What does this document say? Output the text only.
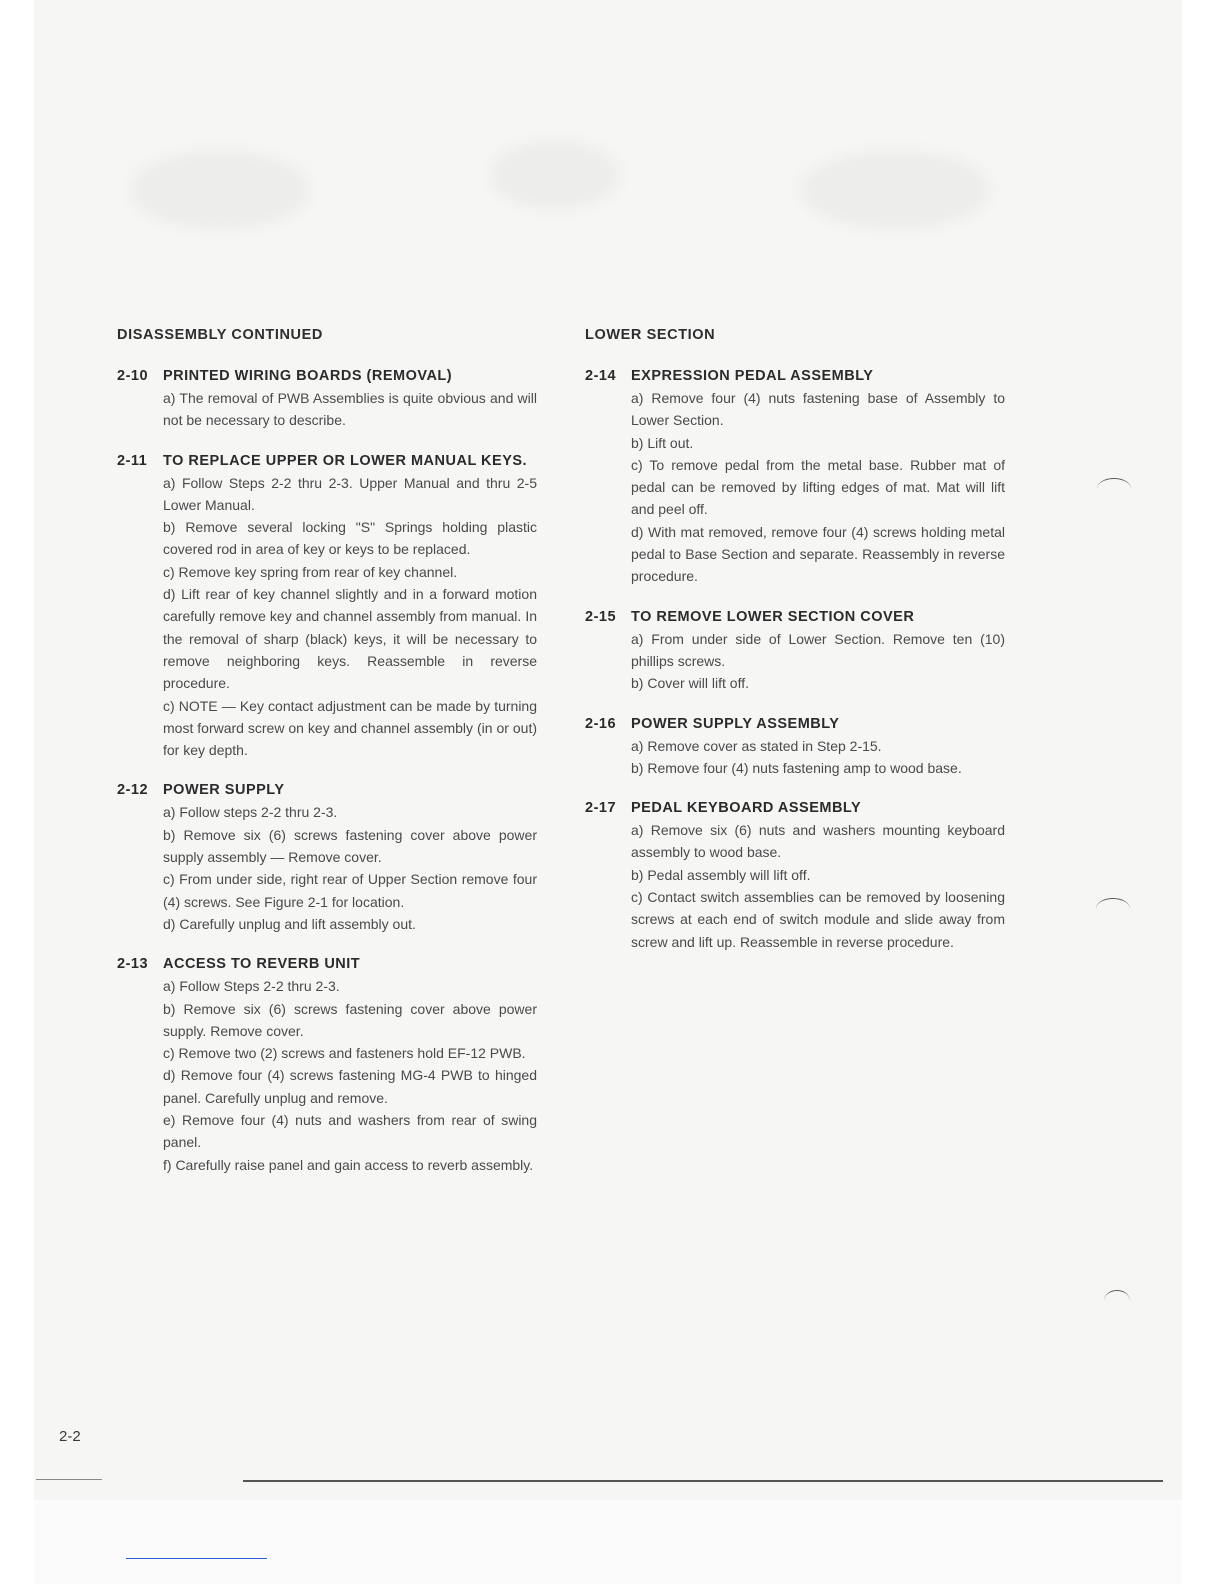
DISASSEMBLY CONTINUED
2-10	PRINTED WIRING BOARDS (REMOVAL)

a) The removal of PWB Assemblies is quite obvious and will not be necessary to describe.

2-11	TO REPLACE UPPER OR LOWER MANUAL KEYS.

a) Follow Steps 2-2 thru 2-3. Upper Manual and thru 2-5 Lower Manual.

b) Remove several locking "S" Springs holding plastic covered rod in area of key or keys to be replaced.

c) Remove key spring from rear of key channel.

d) Lift rear of key channel slightly and in a forward motion carefully remove key and channel assembly from manual. In the removal of sharp (black) keys, it will be necessary to remove neighboring keys. Reassemble in reverse procedure.

c) NOTE — Key contact adjustment can be made by turning most forward screw on key and channel assembly (in or out) for key depth.

2-12	POWER SUPPLY

a) Follow steps 2-2 thru 2-3.

b) Remove six (6) screws fastening cover above power supply assembly — Remove cover.

c) From under side, right rear of Upper Section remove four (4) screws. See Figure 2-1 for location.

d) Carefully unplug and lift assembly out.

2-13	ACCESS TO REVERB UNIT

a) Follow Steps 2-2 thru 2-3.

b) Remove six (6) screws fastening cover above power supply. Remove cover.

c) Remove two (2) screws and fasteners hold EF-12 PWB.

d) Remove four (4) screws fastening MG-4 PWB to hinged panel. Carefully unplug and remove.

e) Remove four (4) nuts and washers from rear of swing panel.

f) Carefully raise panel and gain access to reverb assembly.

LOWER SECTION
2-14	EXPRESSION PEDAL ASSEMBLY

a) Remove four (4) nuts fastening base of Assembly to Lower Section.

b) Lift out.

c) To remove pedal from the metal base. Rubber mat of pedal can be removed by lifting edges of mat. Mat will lift and peel off.

d) With mat removed, remove four (4) screws holding metal pedal to Base Section and separate. Reassembly in reverse procedure.

2-15	TO REMOVE LOWER SECTION COVER

a) From under side of Lower Section. Remove ten (10) phillips screws.

b) Cover will lift off.

2-16	POWER SUPPLY ASSEMBLY

a) Remove cover as stated in Step 2-15.

b) Remove four (4) nuts fastening amp to wood base.

2-17	PEDAL KEYBOARD ASSEMBLY

a) Remove six (6) nuts and washers mounting keyboard assembly to wood base.

b) Pedal assembly will lift off.

c) Contact switch assemblies can be removed by loosening screws at each end of switch module and slide away from screw and lift up. Reassemble in reverse procedure.

2-2
